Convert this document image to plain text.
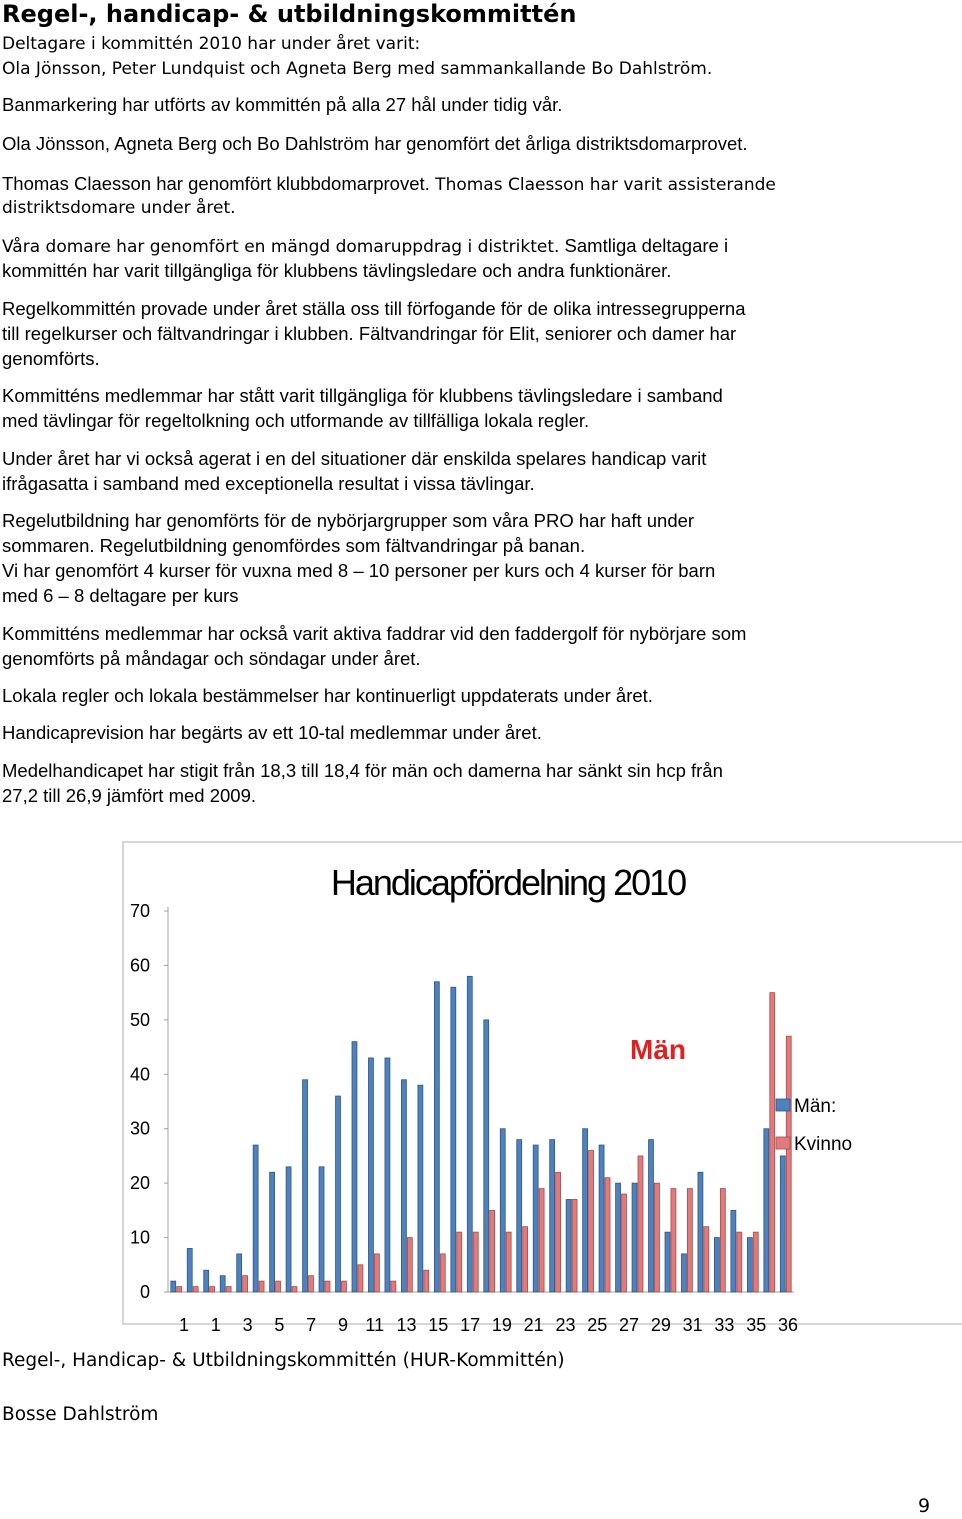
Regel-, handicap- & utbildningskommittén
Deltagare i kommittén 2010 har under året varit:
Ola Jönsson, Peter Lundquist och Agneta Berg med sammankallande Bo Dahlström.
Banmarkering har utförts av kommittén på alla 27 hål under tidig vår.
Ola Jönsson, Agneta Berg och Bo Dahlström har genomfört det årliga distriktsdomarprovet.
Thomas Claesson har genomfört klubbdomarprovet. Thomas Claesson har varit assisterande
distriktsdomare under året.
Våra domare har genomfört en mängd domaruppdrag i distriktet. Samtliga deltagare i
kommittén har varit tillgängliga för klubbens tävlingsledare och andra funktionärer.
Regelkommittén provade under året ställa oss till förfogande för de olika intressegrupperna
till regelkurser och fältvandringar i klubben. Fältvandringar för Elit, seniorer och damer har
genomförts.
Kommitténs medlemmar har stått varit tillgängliga för klubbens tävlingsledare i samband
med tävlingar för regeltolkning och utformande av tillfälliga lokala regler.
Under året har vi också agerat i en del situationer där enskilda spelares handicap varit
ifrågasatta i samband med exceptionella resultat i vissa tävlingar.
Regelutbildning har genomförts för de nybörjargrupper som våra PRO har haft under
sommaren. Regelutbildning genomfördes som fältvandringar på banan.
Vi har genomfört 4 kurser för vuxna med 8 – 10 personer per kurs och 4 kurser för barn
med 6 – 8 deltagare per kurs
Kommitténs medlemmar har också varit aktiva faddrar vid den faddergolf för nybörjare som
genomförts på måndagar och söndagar under året.
Lokala regler och lokala bestämmelser har kontinuerligt uppdaterats under året.
Handicaprevision har begärts av ett 10-tal medlemmar under året.
Medelhandicapet har stigit från 18,3 till 18,4 för män och damerna har sänkt sin hcp från
27,2 till 26,9 jämfört med 2009.
0
10
20
30
40
50
60
70
1 1 3 5 7 9 11 13 15 17 19 21 23 25 27 29 31 33 35 36
Handicapfördelning 2010
Män
Män:
Kvinno
Regel-, Handicap- & Utbildningskommittén (HUR-Kommittén)
Bosse Dahlström
9
